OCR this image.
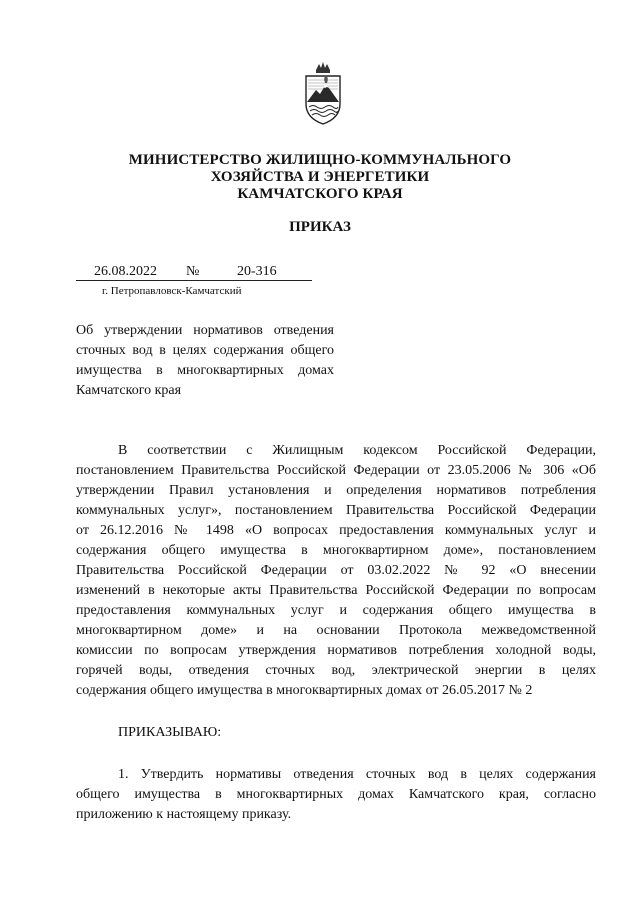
МИНИСТЕРСТВО ЖИЛИЩНО-КОММУНАЛЬНОГО
ХОЗЯЙСТВА И ЭНЕРГЕТИКИ
КАМЧАТСКОГО КРАЯ
ПРИКАЗ
26.08.2022 №	20-316
г. Петропавловск-Камчатский
Об утверждении нормативов отведения
сточных вод в целях содержания общего
имущества в многоквартирных домах
Камчатского края
В соответствии с Жилищным кодексом Российской Федерации,
постановлением Правительства Российской Федерации от 23.05.2006 № 306 «Об
утверждении Правил установления и определения нормативов потребления
коммунальных услуг», постановлением Правительства Российской Федерации
от 26.12.2016 № 1498 «О вопросах предоставления коммунальных услуг и
содержания общего имущества в многоквартирном доме», постановлением
Правительства Российской Федерации от 03.02.2022 № 92 «О внесении
изменений в некоторые акты Правительства Российской Федерации по вопросам
предоставления коммунальных услуг и содержания общего имущества в
многоквартирном доме» и на основании Протокола межведомственной
комиссии по вопросам утверждения нормативов потребления холодной воды,
горячей воды, отведения сточных вод, электрической энергии в целях
содержания общего имущества в многоквартирных домах от 26.05.2017 № 2
ПРИКАЗЫВАЮ:
1. Утвердить нормативы отведения сточных вод в целях содержания
общего имущества в многоквартирных домах Камчатского края, согласно
приложению к настоящему приказу.
